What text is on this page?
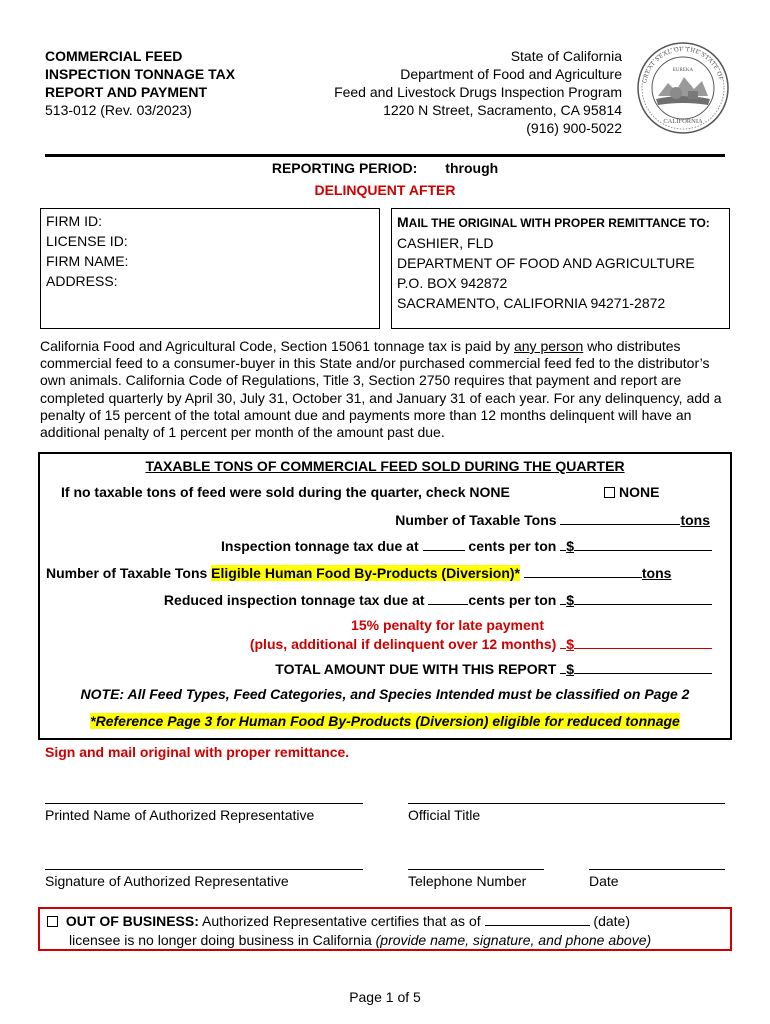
COMMERCIAL FEED
INSPECTION TONNAGE TAX
REPORT AND PAYMENT
513-012 (Rev. 03/2023)
State of California
Department of Food and Agriculture
Feed and Livestock Drugs Inspection Program
1220 N Street, Sacramento, CA 95814
(916) 900-5022
GREAT SEAL OF THE STATE OF
CALIFORNIA
EUREKA
REPORTING PERIOD: through
DELINQUENT AFTER
FIRM ID:
LICENSE ID:
FIRM NAME:
ADDRESS:
MAIL THE ORIGINAL WITH PROPER REMITTANCE TO:
CASHIER, FLD
DEPARTMENT OF FOOD AND AGRICULTURE
P.O. BOX 942872
SACRAMENTO, CALIFORNIA 94271-2872
California Food and Agricultural Code, Section 15061 tonnage tax is paid by any person who distributes commercial feed to a consumer-buyer in this State and/or purchased commercial feed fed to the distributor’s own animals. California Code of Regulations, Title 3, Section 2750 requires that payment and report are completed quarterly by April 30, July 31, October 31, and January 31 of each year. For any delinquency, add a penalty of 15 percent of the total amount due and payments more than 12 months delinquent will have an additional penalty of 1 percent per month of the amount past due.
TAXABLE TONS OF COMMERCIAL FEED SOLD DURING THE QUARTER
If no taxable tons of feed were sold during the quarter, check NONE	NONE
Number of Taxable Tons	tons
Inspection tonnage tax due at	cents per ton $
Number of Taxable Tons Eligible Human Food By-Products (Diversion)*	tons
Reduced inspection tonnage tax due at	cents per ton $
15% penalty for late payment
(plus, additional if delinquent over 12 months) $
TOTAL AMOUNT DUE WITH THIS REPORT $
NOTE: All Feed Types, Feed Categories, and Species Intended must be classified on Page 2
*Reference Page 3 for Human Food By-Products (Diversion) eligible for reduced tonnage
Sign and mail original with proper remittance.
Printed Name of Authorized Representative	Official Title
Signature of Authorized Representative	Telephone Number	Date
OUT OF BUSINESS: Authorized Representative certifies that as of	(date)
licensee is no longer doing business in California (provide name, signature, and phone above)
Page 1 of 5
